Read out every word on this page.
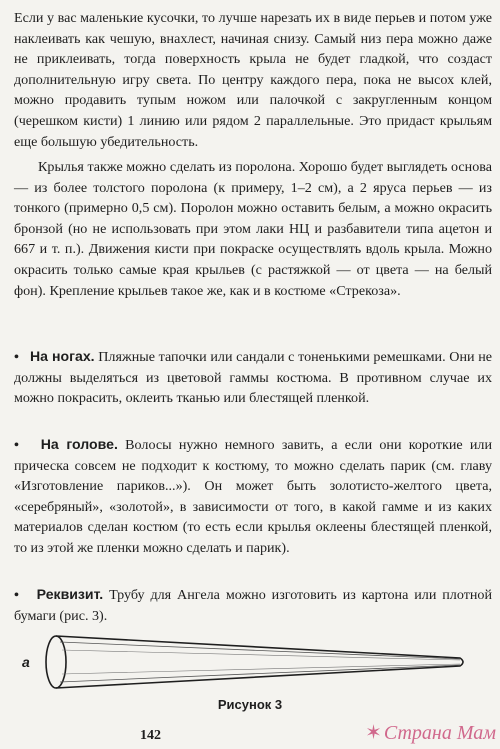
Если у вас маленькие кусочки, то лучше нарезать их в виде перьев и потом уже наклеивать как чешую, внахлест, начиная снизу. Самый низ пера можно даже не приклеивать, тогда поверхность крыла не будет гладкой, что создаст дополнительную игру света. По центру каждого пера, пока не высох клей, можно продавить тупым ножом или палочкой с закругленным концом (черешком кисти) 1 линию или рядом 2 параллельные. Это придаст крыльям еще большую убедительность.

Крылья также можно сделать из поролона. Хорошо будет выглядеть основа — из более толстого поролона (к примеру, 1–2 см), а 2 яруса перьев — из тонкого (примерно 0,5 см). Поролон можно оставить белым, а можно окрасить бронзой (но не использовать при этом лаки НЦ и разбавители типа ацетон и 667 и т. п.). Движения кисти при покраске осуществлять вдоль крыла. Можно окрасить только самые края крыльев (с растяжкой — от цвета — на белый фон). Крепление крыльев такое же, как и в костюме «Стрекоза».

• На ногах. Пляжные тапочки или сандали с тоненькими ремешками. Они не должны выделяться из цветовой гаммы костюма. В противном случае их можно покрасить, оклеить тканью или блестящей пленкой.
• На голове. Волосы нужно немного завить, а если они короткие или прическа совсем не подходит к костюму, то можно сделать парик (см. главу «Изготовление париков...»). Он может быть золотисто-желтого цвета, «серебряный», «золотой», в зависимости от того, в какой гамме и из каких материалов сделан костюм (то есть если крылья оклеены блестящей пленкой, то из этой же пленки можно сделать и парик).
• Реквизит. Трубу для Ангела можно изготовить из картона или плотной бумаги (рис. 3).
а
Рисунок 3
142	✶ Страна Мам
